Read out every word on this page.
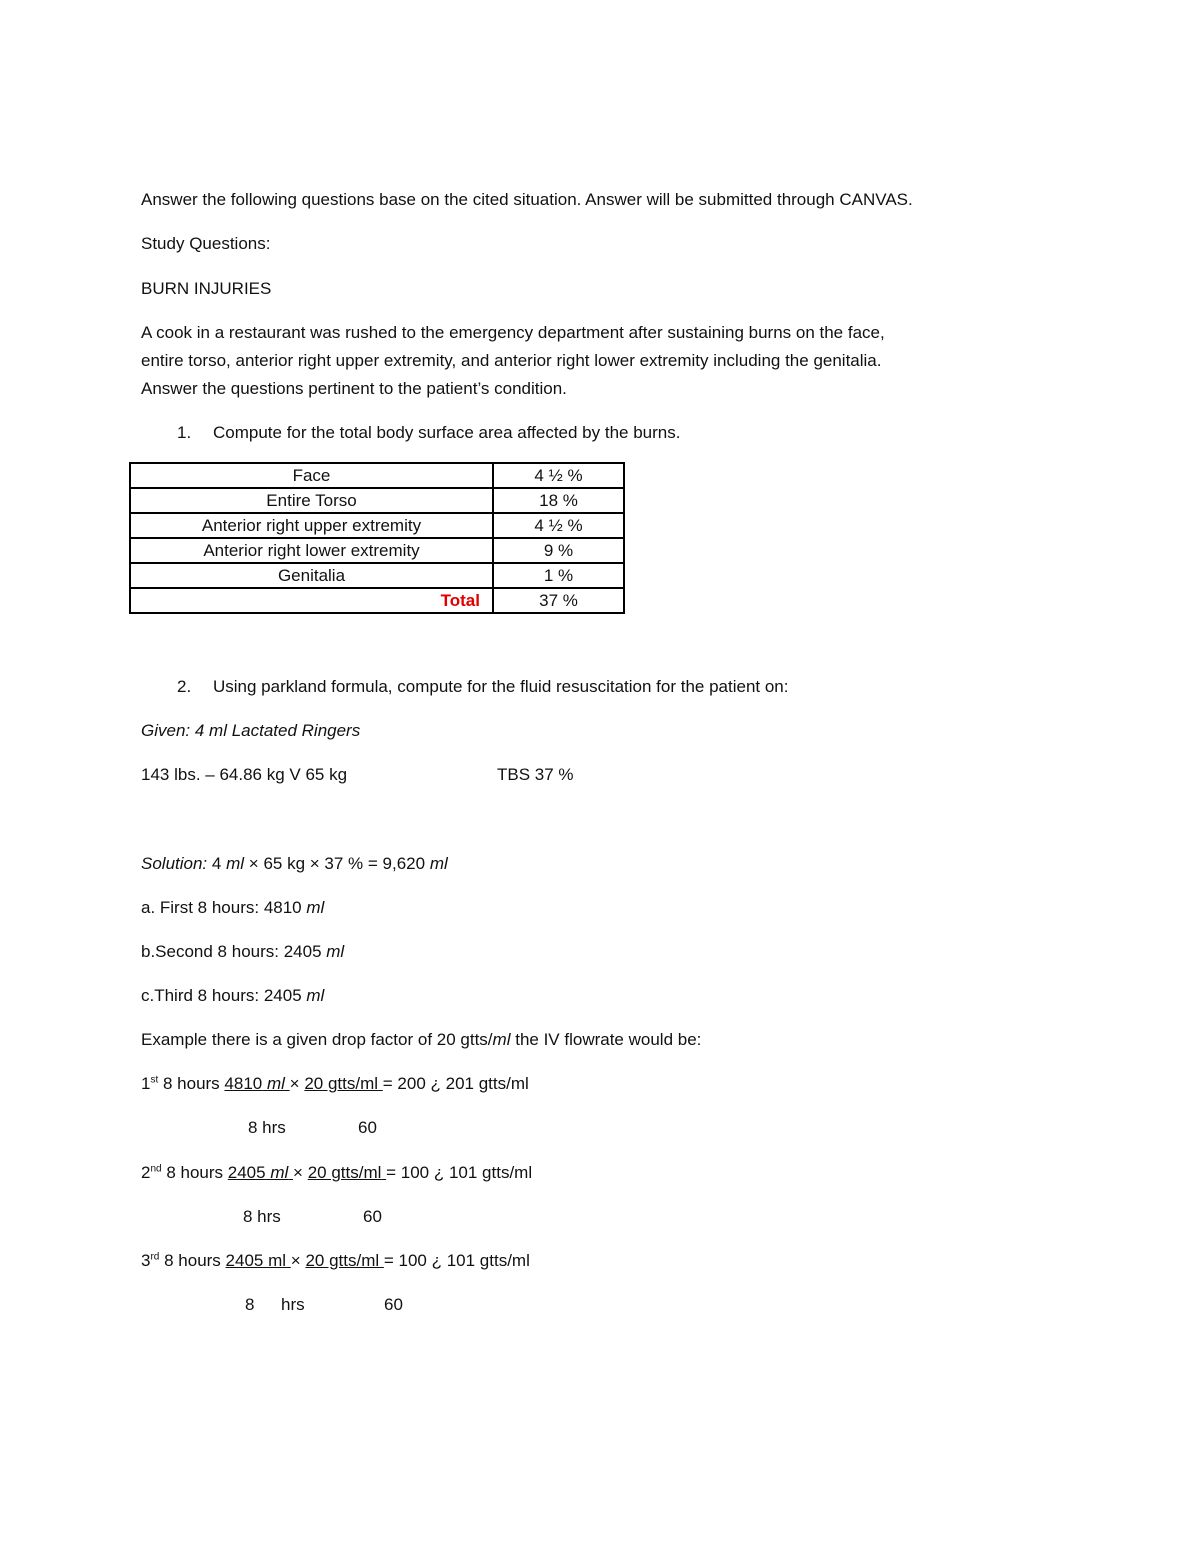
Answer the following questions base on the cited situation. Answer will be submitted through CANVAS.
Study Questions:
BURN INJURIES
A cook in a restaurant was rushed to the emergency department after sustaining burns on the face,
entire torso, anterior right upper extremity, and anterior right lower extremity including the genitalia.
Answer the questions pertinent to the patient’s condition.
1. Compute for the total body surface area affected by the burns.
Face	4 ½ %
Entire Torso	18 %
Anterior right upper extremity	4 ½ %
Anterior right lower extremity	9 %
Genitalia	1 %
Total	37 %
2. Using parkland formula, compute for the fluid resuscitation for the patient on:
Given: 4 ml Lactated Ringers
143 lbs. – 64.86 kg V 65 kg	TBS 37 %
Solution: 4 ml × 65 kg × 37 % = 9,620 ml
a. First 8 hours: 4810 ml
b.Second 8 hours: 2405 ml
c.Third 8 hours: 2405 ml
Example there is a given drop factor of 20 gtts/ml the IV flowrate would be:
1st 8 hours 4810 ml × 20 gtts/ml = 200 ¿ 201 gtts/ml
8 hrs	60
2nd 8 hours 2405 ml × 20 gtts/ml = 100 ¿ 101 gtts/ml
8 hrs	60
3rd 8 hours 2405 ml × 20 gtts/ml = 100 ¿ 101 gtts/ml
8 hrs	60
